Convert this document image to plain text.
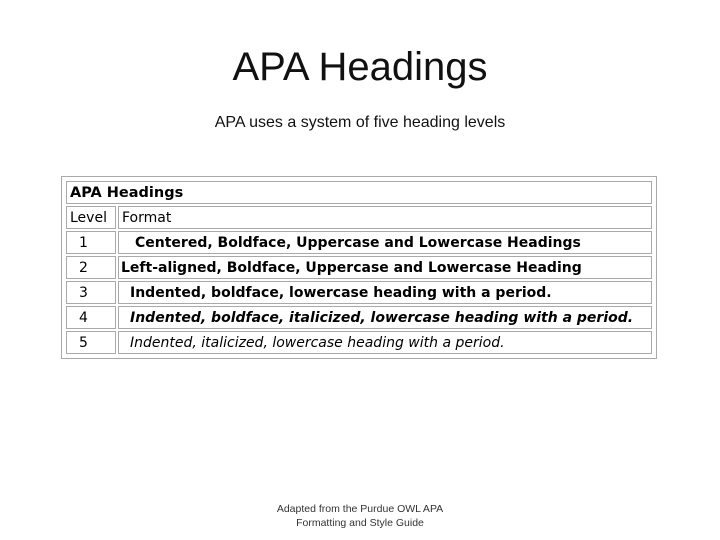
APA Headings
APA uses a system of five heading levels
APA Headings	
Level	Format
1	Centered, Boldface, Uppercase and Lowercase Headings
2	Left-aligned, Boldface, Uppercase and Lowercase Heading
3	Indented, boldface, lowercase heading with a period.
4	Indented, boldface, italicized, lowercase heading with a period.
5	Indented, italicized, lowercase heading with a period.
Adapted from the Purdue OWL APA
Formatting and Style Guide
